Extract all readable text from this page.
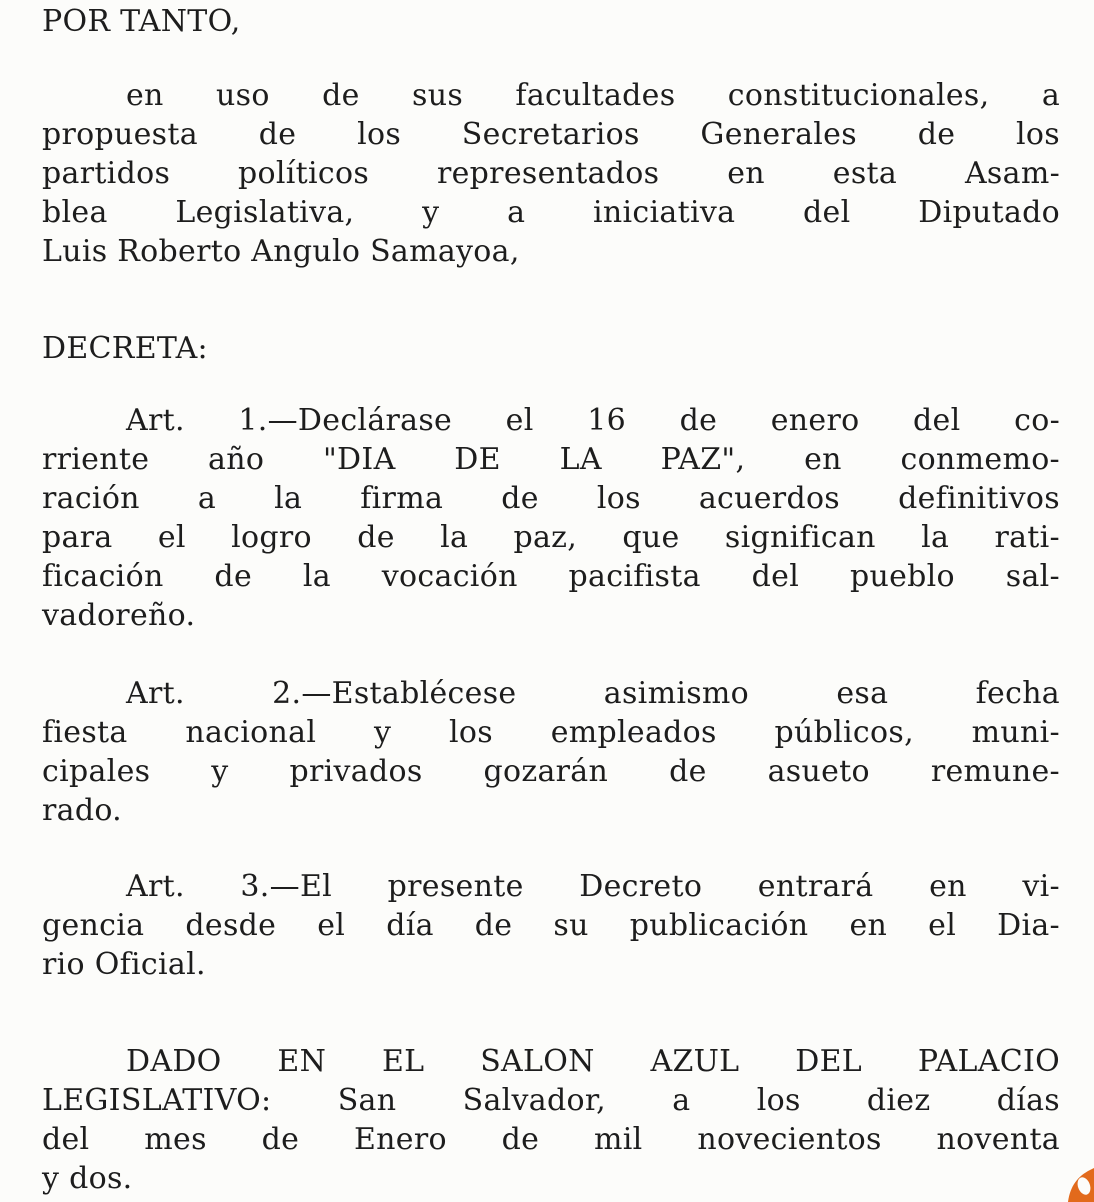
POR TANTO,
en uso de sus facultades constitucionales, a
propuesta de los Secretarios Generales de los
partidos políticos representados en esta Asam-
blea Legislativa, y a iniciativa del Diputado
Luis Roberto Angulo Samayoa,
DECRETA:
Art. 1.—Declárase el 16 de enero del co-
rriente año "DIA DE LA PAZ", en conmemo-
ración a la firma de los acuerdos definitivos
para el logro de la paz, que significan la rati-
ficación de la vocación pacifista del pueblo sal-
vadoreño.
Art. 2.—Establécese asimismo esa fecha
fiesta nacional y los empleados públicos, muni-
cipales y privados gozarán de asueto remune-
rado.
Art. 3.—El presente Decreto entrará en vi-
gencia desde el día de su publicación en el Dia-
rio Oficial.
DADO EN EL SALON AZUL DEL PALACIO
LEGISLATIVO: San Salvador, a los diez días
del mes de Enero de mil novecientos noventa
y dos.
